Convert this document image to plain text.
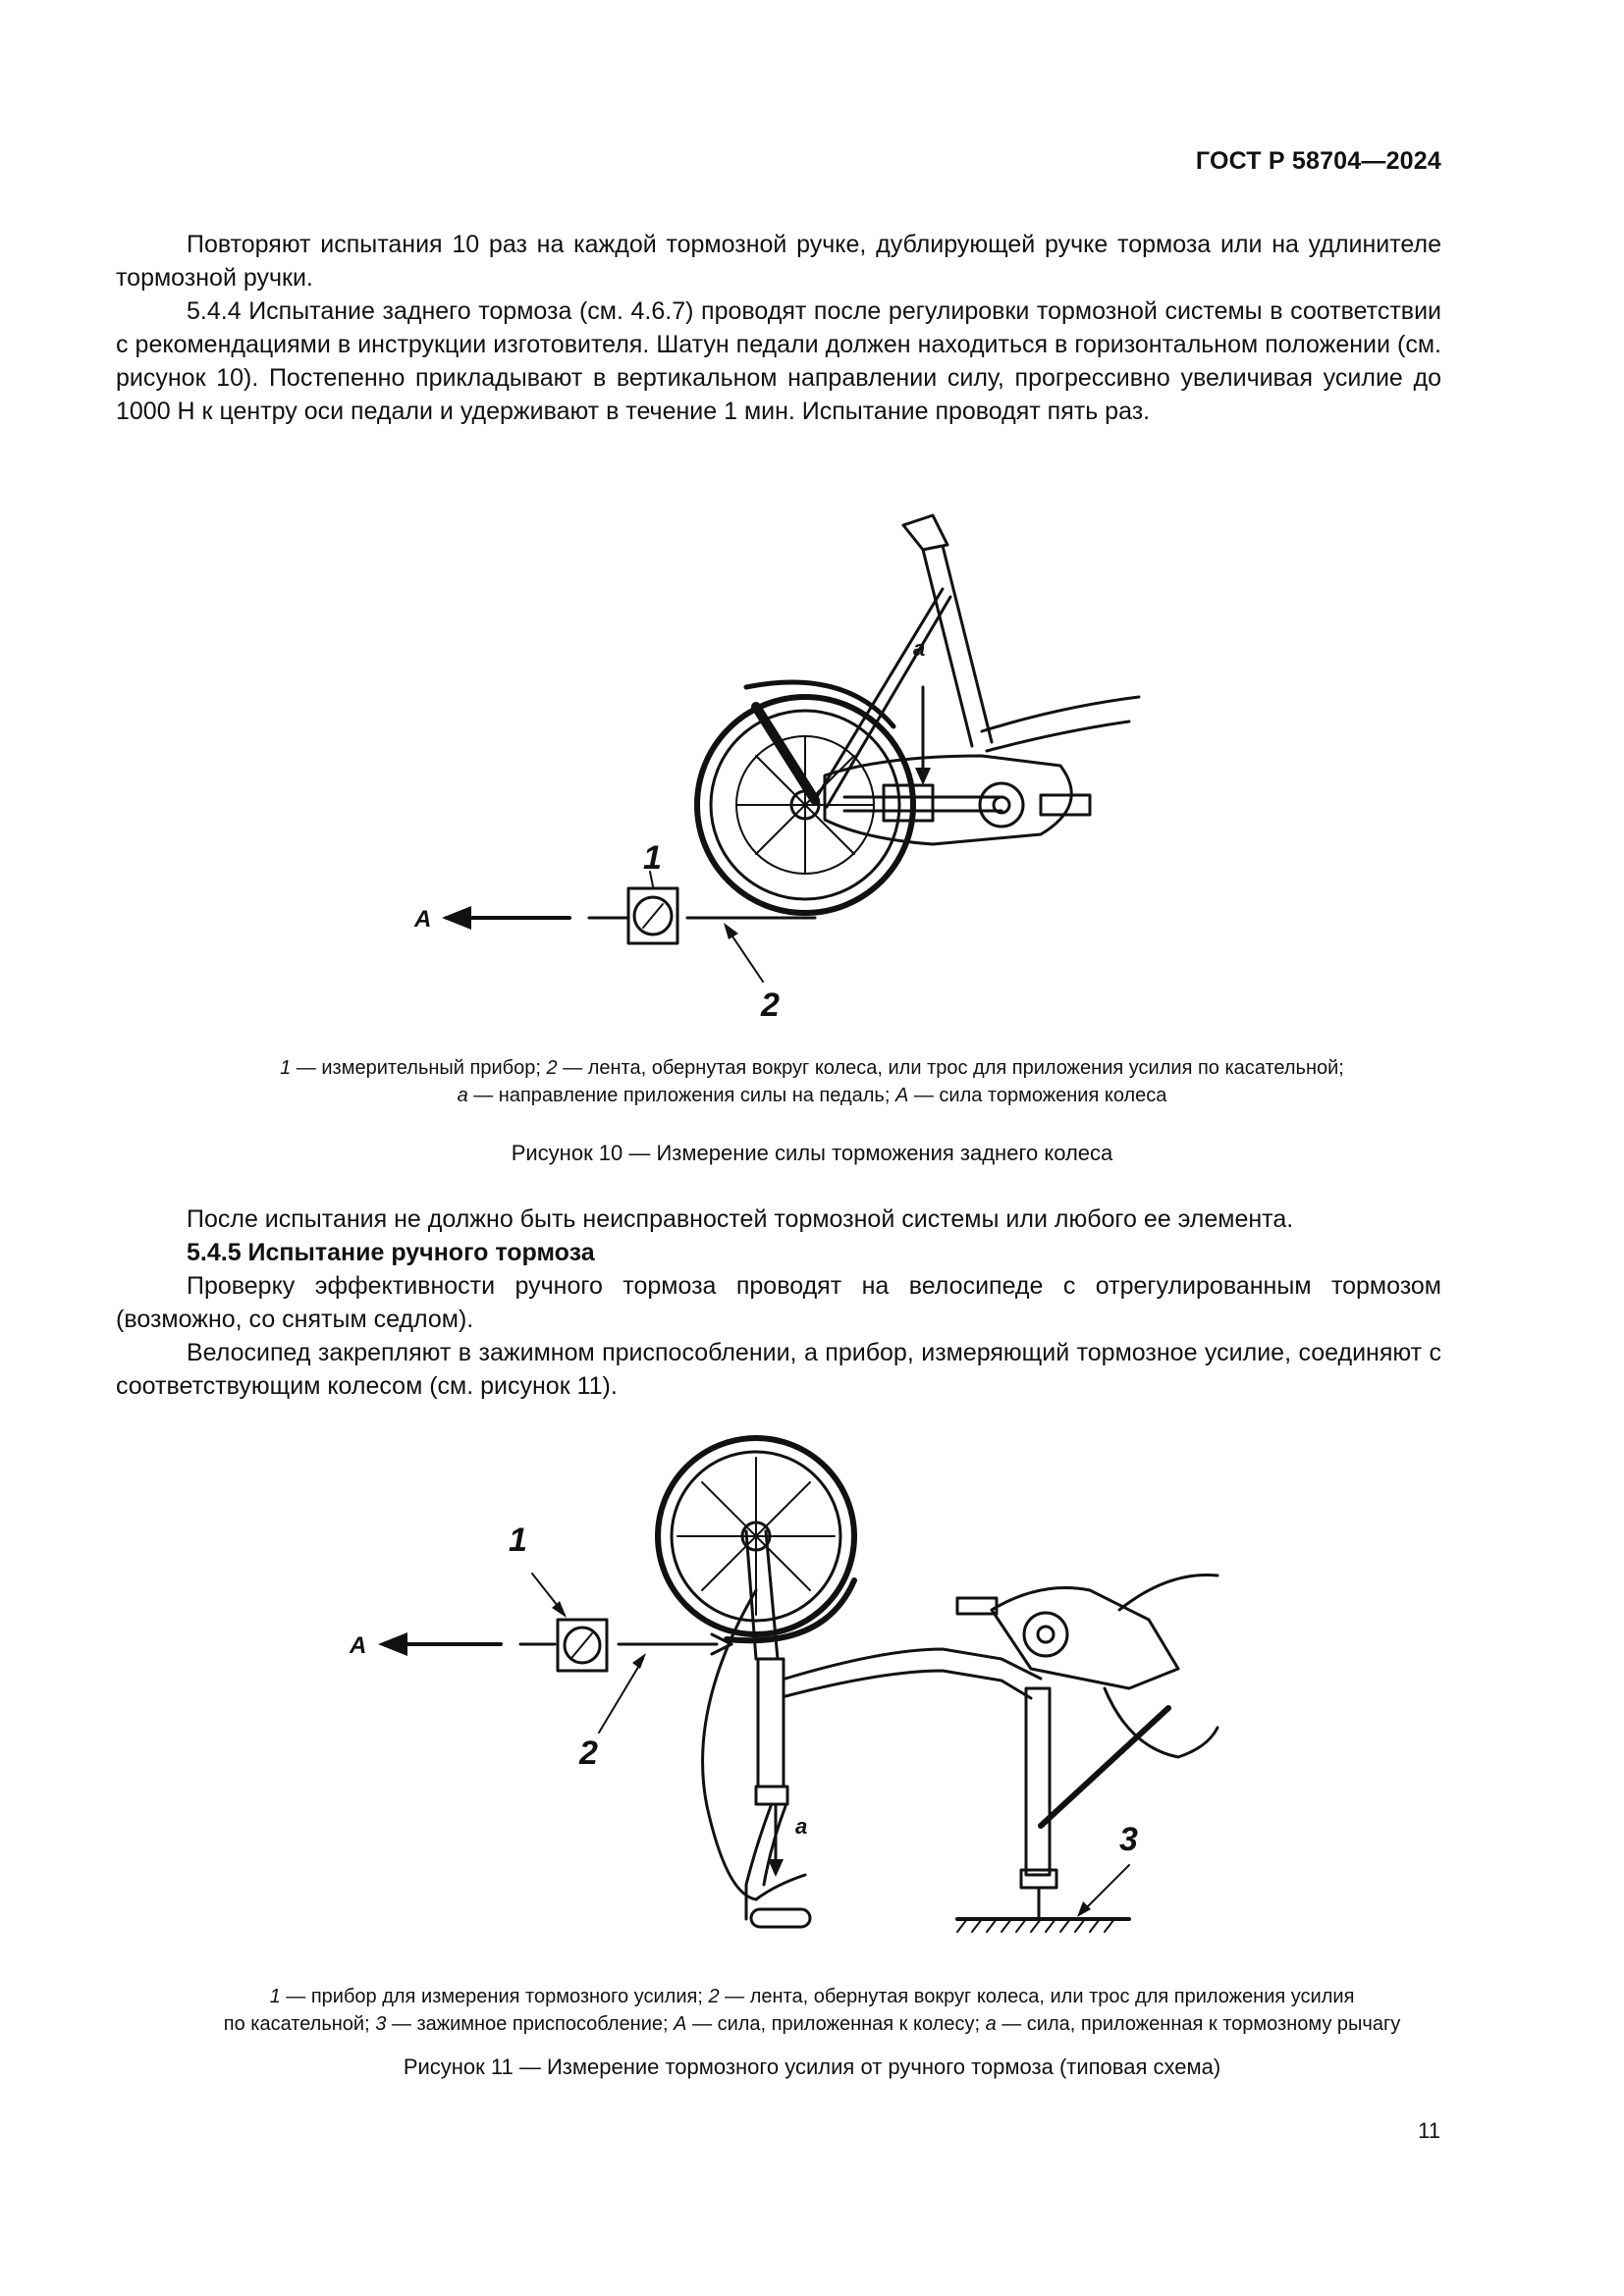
ГОСТ Р 58704—2024

Повторяют испытания 10 раз на каждой тормозной ручке, дублирующей ручке тормоза или на удлинителе тормозной ручки.

5.4.4 Испытание заднего тормоза (см. 4.6.7) проводят после регулировки тормозной системы в соответствии с рекомендациями в инструкции изготовителя. Шатун педали должен находиться в горизонтальном положении (см. рисунок 10). Постепенно прикладывают в вертикальном направлении силу, прогрессивно увеличивая усилие до 1000 Н к центру оси педали и удерживают в течение 1 мин. Испытание проводят пять раз.

1
2
a
A
1 — измерительный прибор; 2 — лента, обернутая вокруг колеса, или трос для приложения усилия по касательной;
a — направление приложения силы на педаль; A — сила торможения колеса
Рисунок 10 — Измерение силы торможения заднего колеса

После испытания не должно быть неисправностей тормозной системы или любого ее элемента.

5.4.5 Испытание ручного тормоза

Проверку эффективности ручного тормоза проводят на велосипеде с отрегулированным тормозом (возможно, со снятым седлом).

Велосипед закрепляют в зажимном приспособлении, а прибор, измеряющий тормозное усилие, соединяют с соответствующим колесом (см. рисунок 11).

1
2
3
a
A
1 — прибор для измерения тормозного усилия; 2 — лента, обернутая вокруг колеса, или трос для приложения усилия
по касательной; 3 — зажимное приспособление; A — сила, приложенная к колесу; a — сила, приложенная к тормозному рычагу
Рисунок 11 — Измерение тормозного усилия от ручного тормоза (типовая схема)
11
